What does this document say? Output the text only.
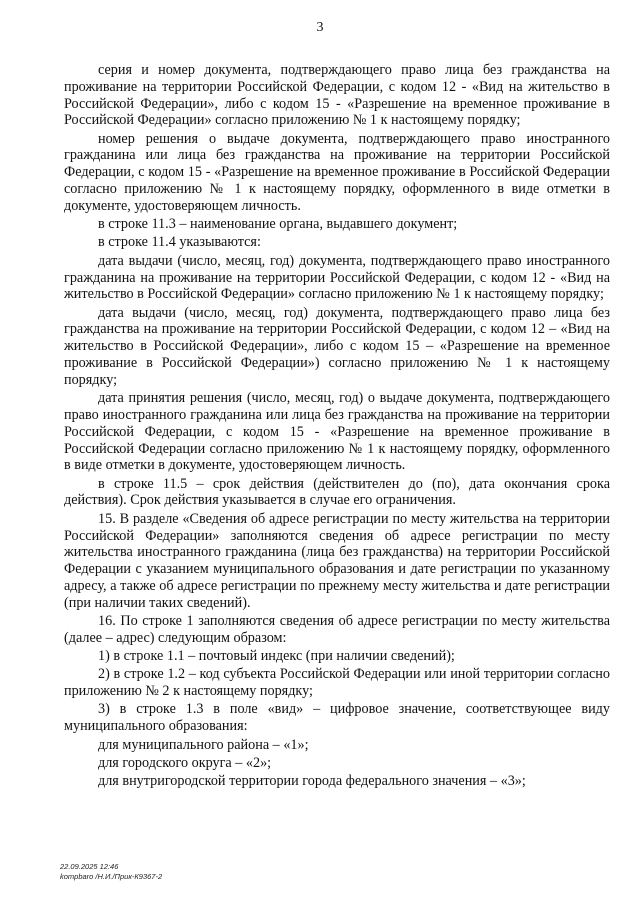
3

серия и номер документа, подтверждающего право лица без гражданства на проживание на территории Российской Федерации, с кодом 12 - «Вид на жительство в Российской Федерации», либо с кодом 15 - «Разрешение на временное проживание в Российской Федерации» согласно приложению № 1 к настоящему порядку;

номер решения о выдаче документа, подтверждающего право иностранного гражданина или лица без гражданства на проживание на территории Российской Федерации, с кодом 15 - «Разрешение на временное проживание в Российской Федерации согласно приложению № 1 к настоящему порядку, оформленного в виде отметки в документе, удостоверяющем личность.

в строке 11.3 – наименование органа, выдавшего документ;

в строке 11.4 указываются:

дата выдачи (число, месяц, год) документа, подтверждающего право иностранного гражданина на проживание на территории Российской Федерации, с кодом 12 - «Вид на жительство в Российской Федерации» согласно приложению № 1 к настоящему порядку;

дата выдачи (число, месяц, год) документа, подтверждающего право лица без гражданства на проживание на территории Российской Федерации, с кодом 12 – «Вид на жительство в Российской Федерации», либо с кодом 15 – «Разрешение на временное проживание в Российской Федерации») согласно приложению № 1 к настоящему порядку;

дата принятия решения (число, месяц, год) о выдаче документа, подтверждающего право иностранного гражданина или лица без гражданства на проживание на территории Российской Федерации, с кодом 15 - «Разрешение на временное проживание в Российской Федерации согласно приложению № 1 к настоящему порядку, оформленного в виде отметки в документе, удостоверяющем личность.

в строке 11.5 – срок действия (действителен до (по), дата окончания срока действия). Срок действия указывается в случае его ограничения.

15. В разделе «Сведения об адресе регистрации по месту жительства на территории Российской Федерации» заполняются сведения об адресе регистрации по месту жительства иностранного гражданина (лица без гражданства) на территории Российской Федерации с указанием муниципального образования и дате регистрации по указанному адресу, а также об адресе регистрации по прежнему месту жительства и дате регистрации (при наличии таких сведений).

16. По строке 1 заполняются сведения об адресе регистрации по месту жительства (далее – адрес) следующим образом:

1) в строке 1.1 – почтовый индекс (при наличии сведений);

2) в строке 1.2 – код субъекта Российской Федерации или иной территории согласно приложению № 2 к настоящему порядку;

3) в строке 1.3 в поле «вид» – цифровое значение, соответствующее виду муниципального образования:

для муниципального района – «1»;

для городского округа – «2»;

для внутригородской территории города федерального значения – «3»;

22.09.2025 12:46
kompbaro /Н.И./Прик-К9367-2
